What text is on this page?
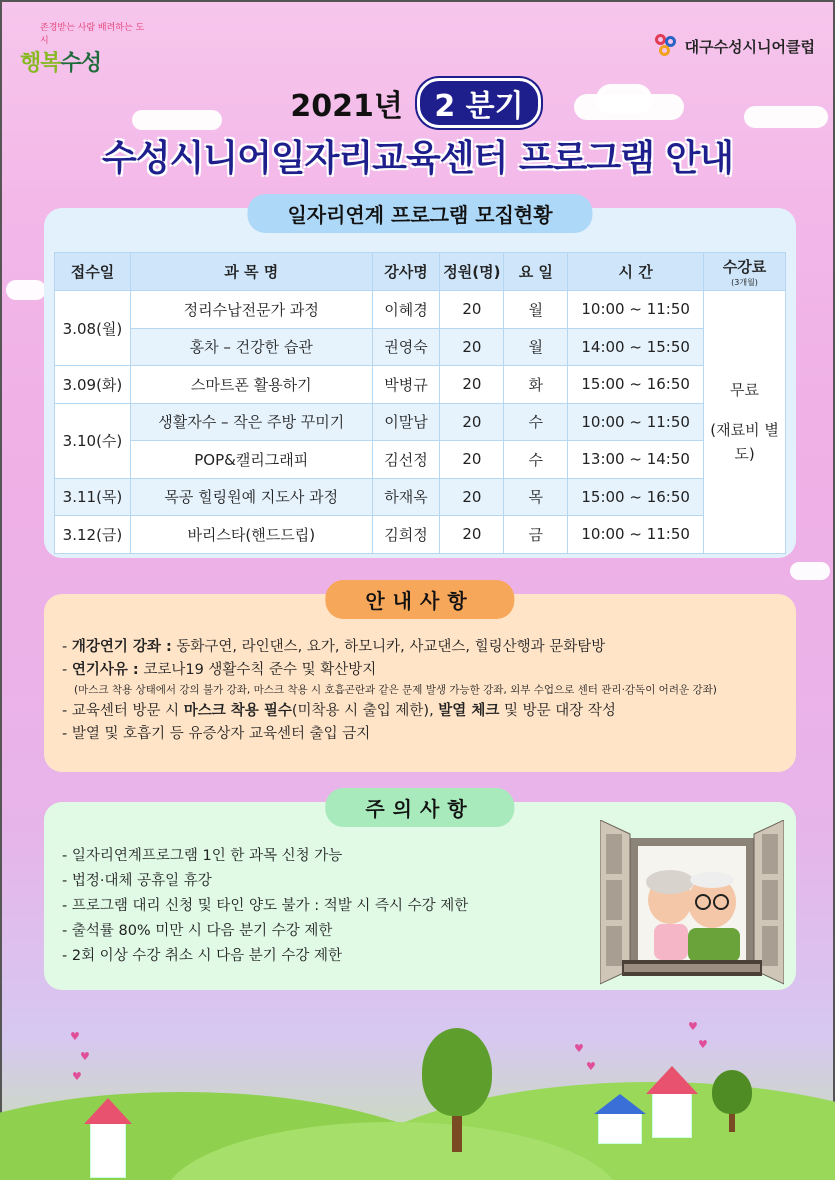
존경받는 사람 배려하는 도시
행복수성
대구수성시니어클럽
2021년 2 분기
수성시니어일자리교육센터 프로그램 안내
일자리연계 프로그램 모집현황
접수일	과 목 명	강사명	정원(명)	요 일	시 간	수강료
(3개월)

3.08(월)	정리수납전문가 과정	이혜경	20	월	10:00 ~ 11:50	무료
(재료비 별도)

	홍차 – 건강한 습관	권영숙	20	월	14:00 ~ 15:50	
3.09(화)	스마트폰 활용하기	박병규	20	화	15:00 ~ 16:50	
3.10(수)	생활자수 – 작은 주방 꾸미기	이말남	20	수	10:00 ~ 11:50	
	POP&캘리그래피	김선정	20	수	13:00 ~ 14:50	
3.11(목)	목공 힐링원예 지도사 과정	하재옥	20	목	15:00 ~ 16:50	
3.12(금)	바리스타(핸드드립)	김희정	20	금	10:00 ~ 11:50	
안내사항
- 개강연기 강좌 : 동화구연, 라인댄스, 요가, 하모니카, 사교댄스, 힐링산행과 문화탐방
- 연기사유 : 코로나19 생활수칙 준수 및 확산방지
(마스크 착용 상태에서 강의 불가 강좌, 마스크 착용 시 호흡곤란과 같은 문제 발생 가능한 강좌, 외부 수업으로 센터 관리·감독이 어려운 강좌)
- 교육센터 방문 시 마스크 착용 필수(미착용 시 출입 제한), 발열 체크 및 방문 대장 작성
- 발열 및 호흡기 등 유증상자 교육센터 출입 금지
주의사항
- 일자리연계프로그램 1인 한 과목 신청 가능
- 법정·대체 공휴일 휴강
- 프로그램 대리 신청 및 타인 양도 불가 : 적발 시 즉시 수강 제한
- 출석률 80% 미만 시 다음 분기 수강 제한
- 2회 이상 수강 취소 시 다음 분기 수강 제한
♥
♥
♥
♥
♥
♥
♥
